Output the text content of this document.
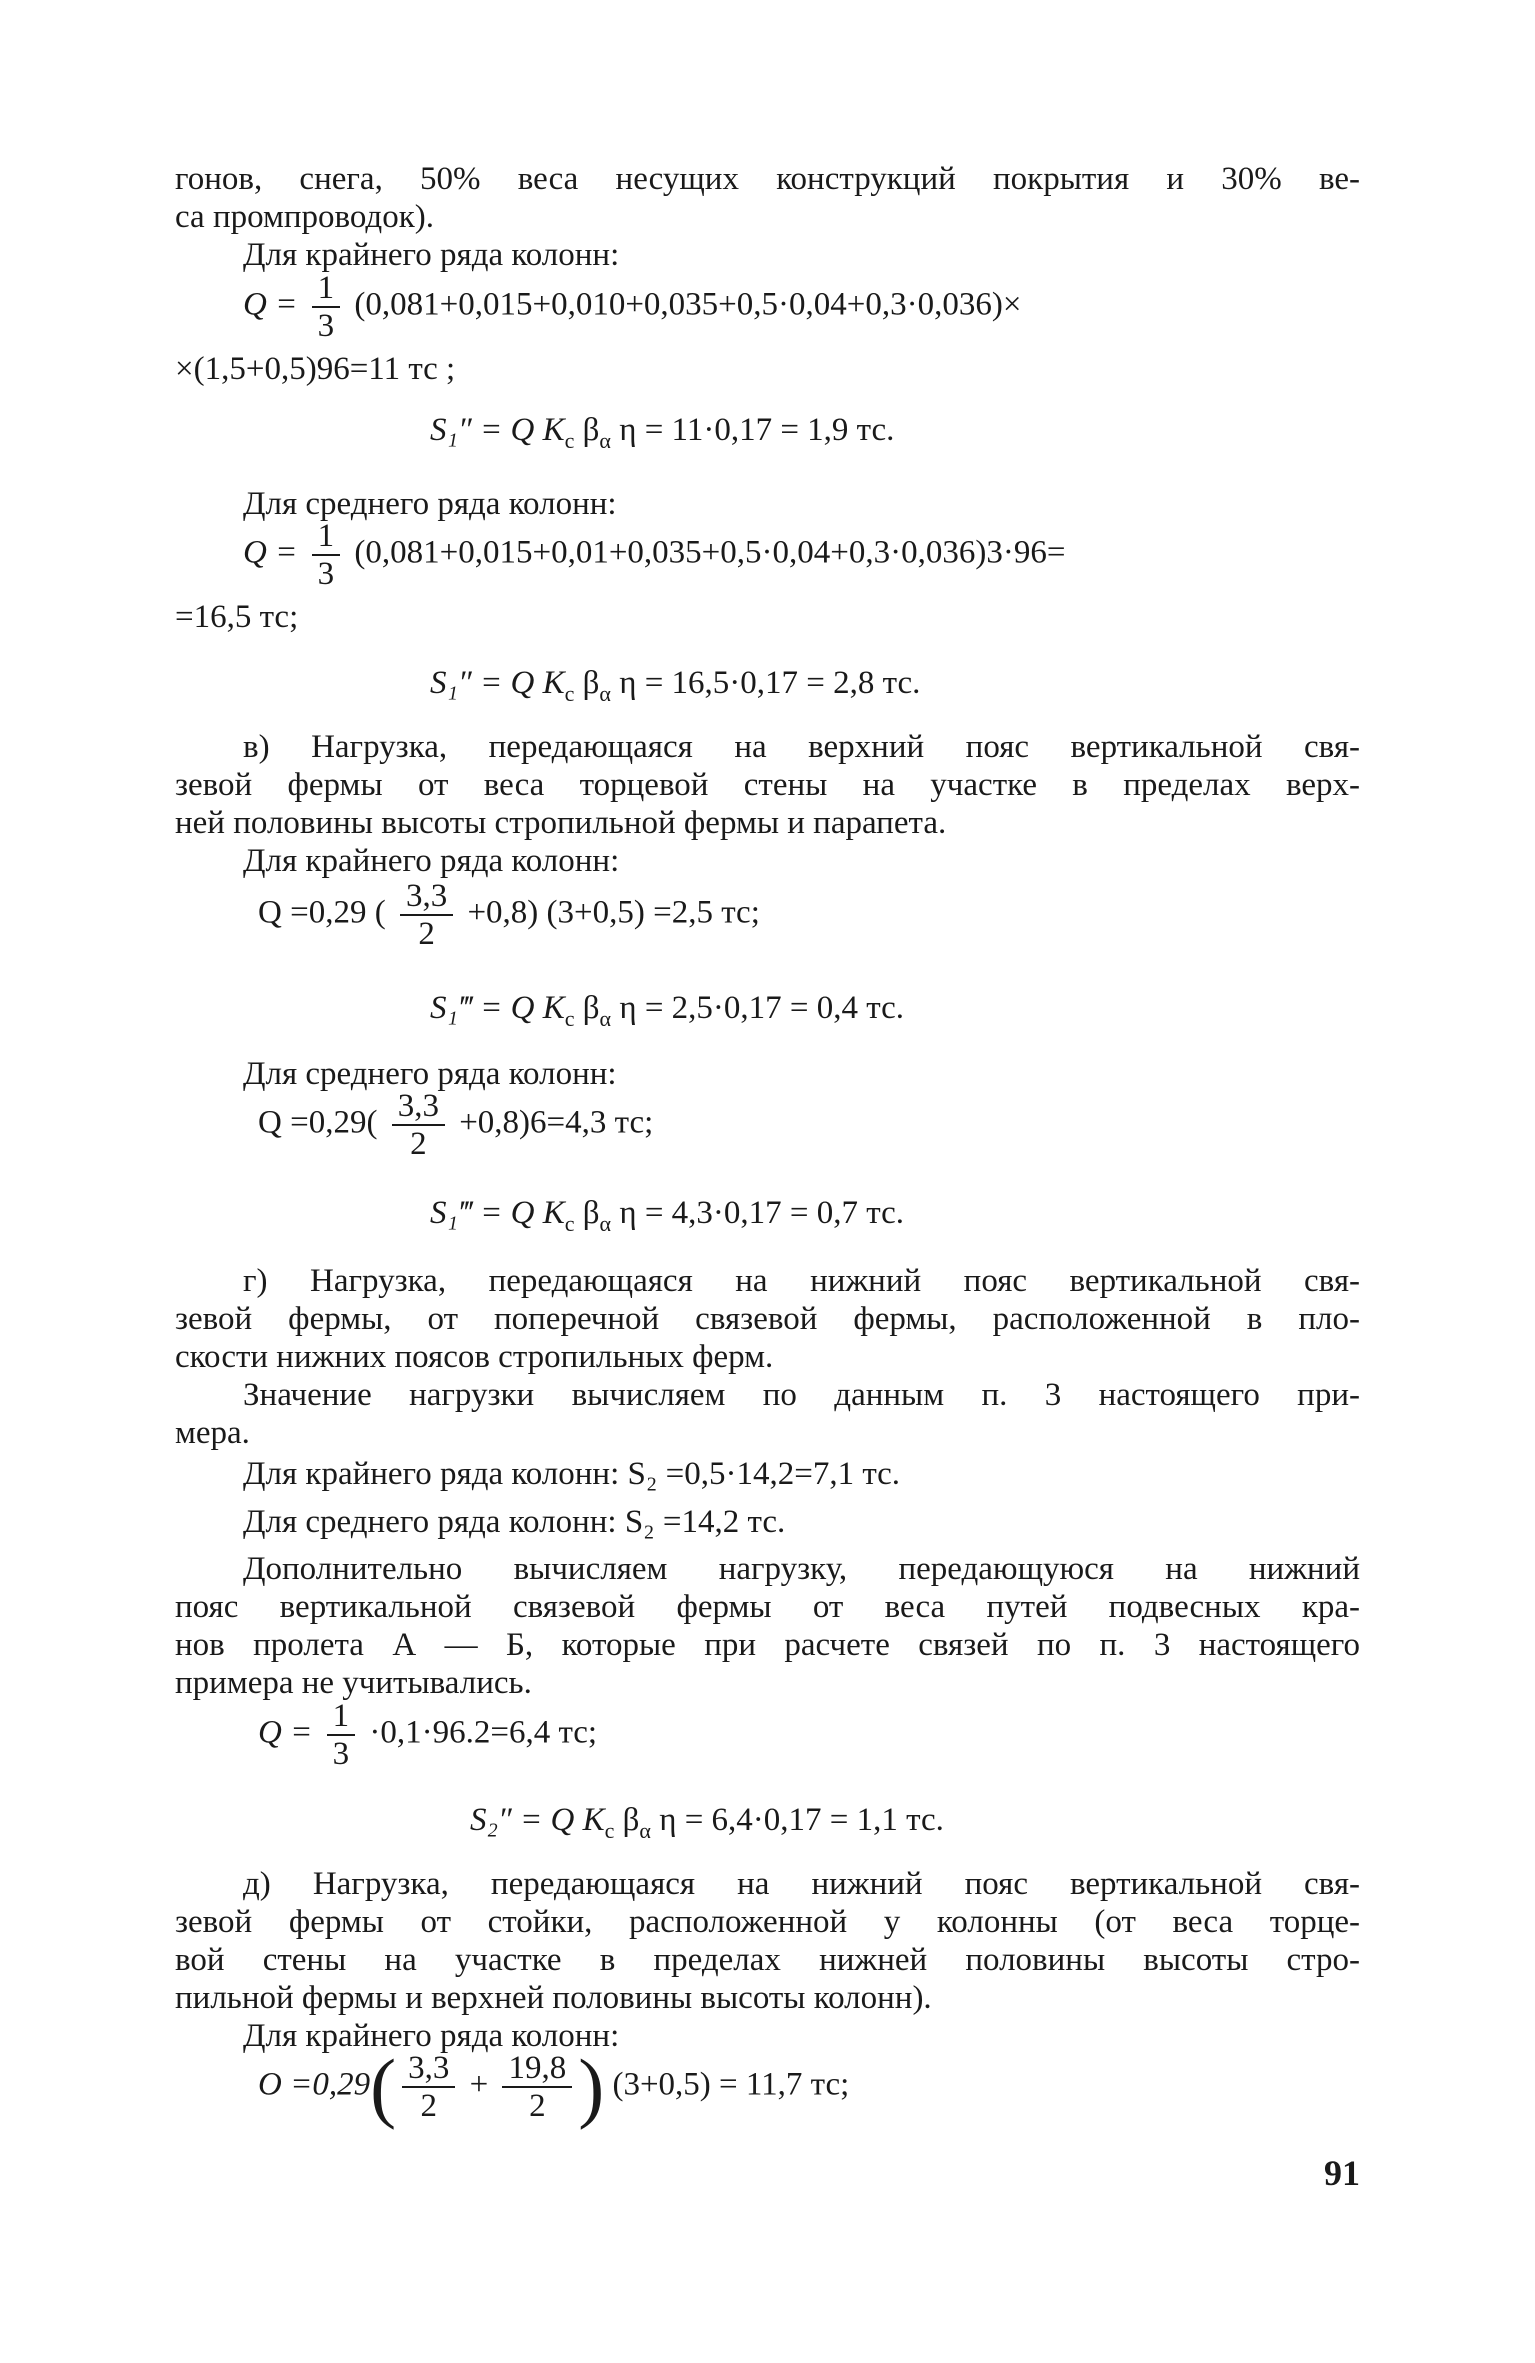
гонов, снега, 50% веса несущих конструкций покрытия и 30% ве-
са промпроводок).
Для крайнего ряда колонн:
$Q = \frac{1}{3} (0,081+0,015+0,010+0,035+0,5\cdot 0,04+0,3\cdot 0,036)\times$
×(1,5+0,5)96=11 тс ;
S₁″ = Q $K_с$ $\beta_\alpha$ η = 11·0,17 = 1,9 тс.
Для среднего ряда колонн:
$Q = \frac{1}{3} (0,081+0,015+0,01+0,035+0,5\cdot 0,04+0,3\cdot 0,036)3\cdot 96=$
=16,5 тс;
S₁″ = Q $K_с$ $\beta_\alpha$ η = 16,5·0,17 = 2,8 тс.
в) Нагрузка, передающаяся на верхний пояс вертикальной свя-
зевой фермы от веса торцевой стены на участке в пределах верх-
ней половины высоты стропильной фермы и парапета.
Для крайнего ряда колонн:
Q =0,29 ( $\frac{3,3}{2} +0,8$) (3+0,5) =2,5 тс;
S₁‴ = Q $K_с$ $\beta_\alpha$ η = 2,5·0,17 = 0,4 тс.
Для среднего ряда колонн:
$Q =0,29( \frac{3,3}{2} +0,8)6=4,3$ тс;
S₁‴ = Q $K_с$ $\beta_\alpha$ η = 4,3·0,17 = 0,7 тс.
г) Нагрузка, передающаяся на нижний пояс вертикальной свя-
зевой фермы, от поперечной связевой фермы, расположенной в пло-
скости нижних поясов стропильных ферм.
Значение нагрузки вычисляем по данным п. 3 настоящего при-
мера.
Для крайнего ряда колонн: S₂ =0,5·14,2=7,1 тс.
Для среднего ряда колонн: S₂ =14,2 тс.
Дополнительно вычисляем нагрузку, передающуюся на нижний
пояс вертикальной связевой фермы от веса путей подвесных кра-
нов пролета А — Б, которые при расчете связей по п. 3 настоящего
примера не учитывались.
$Q = \frac{1}{3} \cdot 0,1\cdot 96.2=6,4$ тс;
S₂″ = Q $K_с$ $\beta_\alpha$ η = 6,4·0,17 = 1,1 тс.
д) Нагрузка, передающаяся на нижний пояс вертикальной свя-
зевой фермы от стойки, расположенной у колонны (от веса торце-
вой стены на участке в пределах нижней половины высоты стро-
пильной фермы и верхней половины высоты колонн).
Для крайнего ряда колонн:
$O =0,29( \frac{3,3}{2} + \frac{19,8}{2}$ ) (3+0,5) = 11,7 тс;
91
